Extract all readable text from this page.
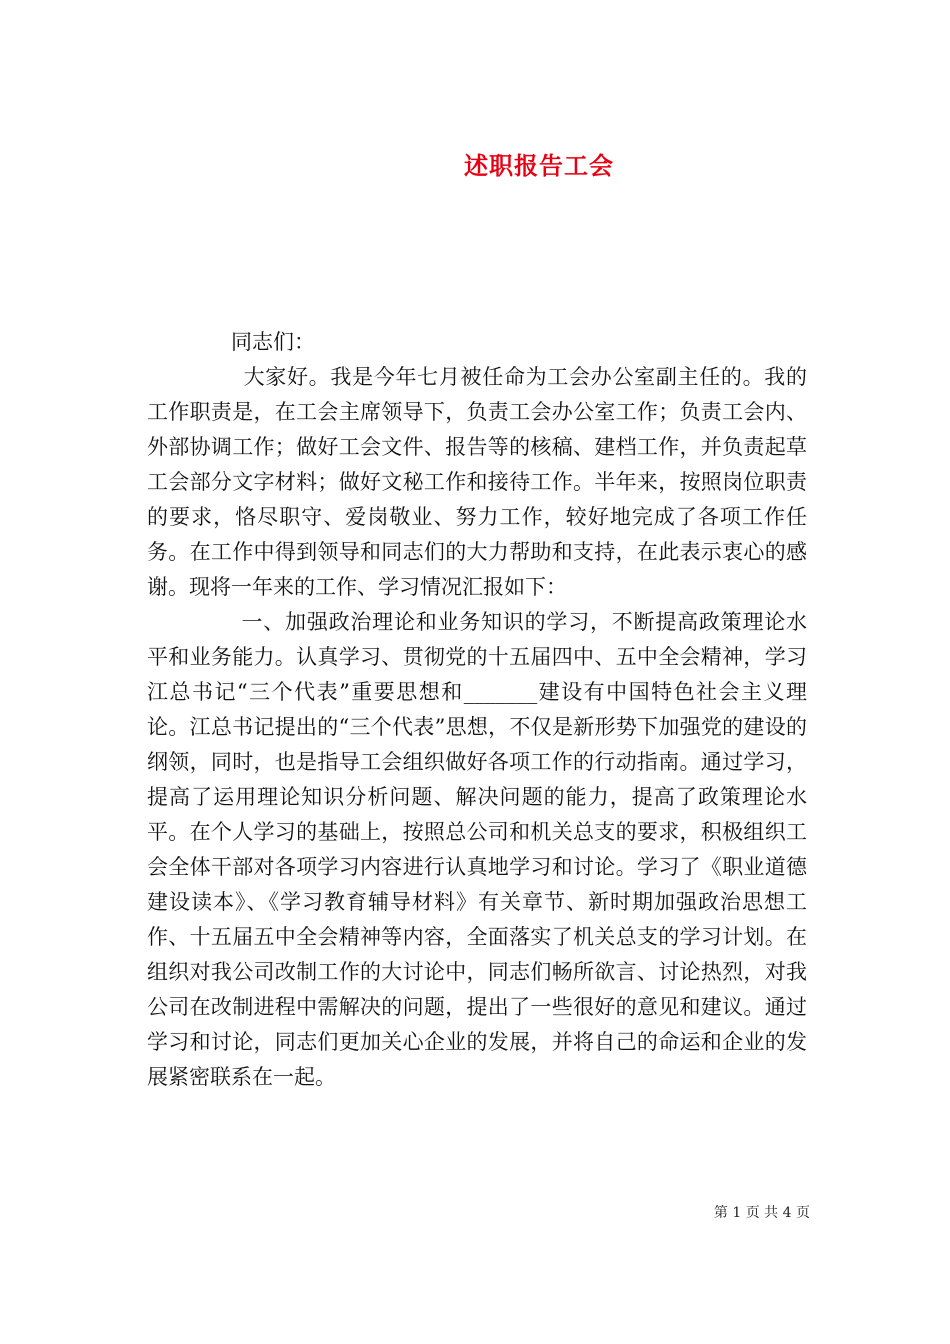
述职报告工会

同志们：

大家好。我是今年七月被任命为工会办公室副主任的。我的工作职责是，在工会主席领导下，负责工会办公室工作；负责工会内、外部协调工作；做好工会文件、报告等的核稿、建档工作，并负责起草工会部分文字材料；做好文秘工作和接待工作。半年来，按照岗位职责的要求，恪尽职守、爱岗敬业、努力工作，较好地完成了各项工作任务。在工作中得到领导和同志们的大力帮助和支持，在此表示衷心的感谢。现将一年来的工作、学习情况汇报如下：

一、加强政治理论和业务知识的学习，不断提高政策理论水平和业务能力。认真学习、贯彻党的十五届四中、五中全会精神，学习江总书记“三个代表”重要思想和_______建设有中国特色社会主义理论。江总书记提出的“三个代表”思想，不仅是新形势下加强党的建设的纲领，同时，也是指导工会组织做好各项工作的行动指南。通过学习，提高了运用理论知识分析问题、解决问题的能力，提高了政策理论水平。在个人学习的基础上，按照总公司和机关总支的要求，积极组织工会全体干部对各项学习内容进行认真地学习和讨论。学习了《职业道德建设读本》、《学习教育辅导材料》有关章节、新时期加强政治思想工作、十五届五中全会精神等内容，全面落实了机关总支的学习计划。在组织对我公司改制工作的大讨论中，同志们畅所欲言、讨论热烈，对我公司在改制进程中需解决的问题，提出了一些很好的意见和建议。通过学习和讨论，同志们更加关心企业的发展，并将自己的命运和企业的发展紧密联系在一起。

第 1 页 共 4 页
